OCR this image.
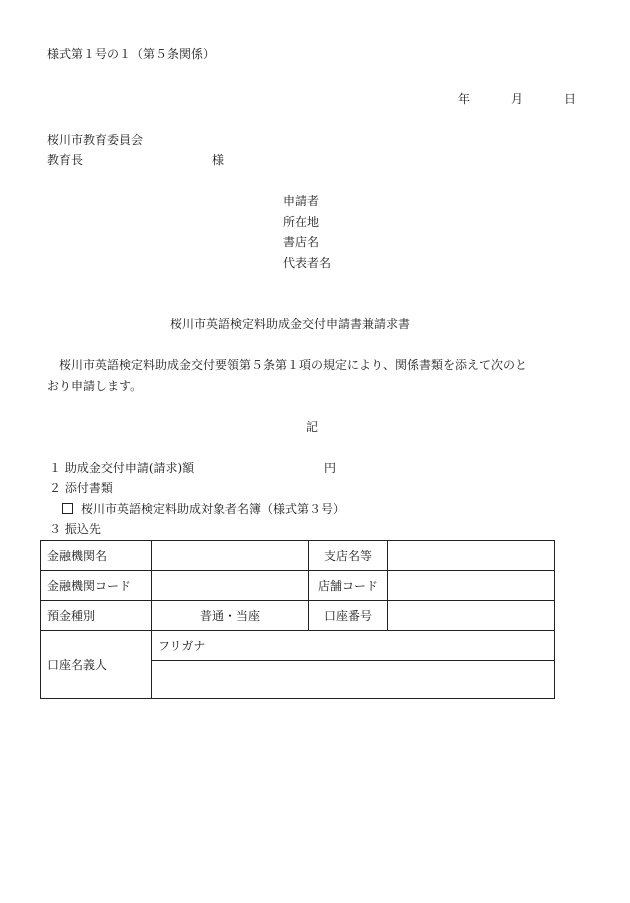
様式第１号の１（第５条関係）
年	月	日
桜川市教育委員会
教育長	様
申請者
所在地
書店名
代表者名
桜川市英語検定料助成金交付申請書兼請求書
桜川市英語検定料助成金交付要領第５条第１項の規定により、関係書類を添えて次のと
おり申請します。
記
１ 助成金交付申請(請求)額	円
２ 添付書類
桜川市英語検定料助成対象者名簿（様式第３号）
３ 振込先
金融機関名		支店名等	
金融機関コード		店舗コード	
預金種別	普通・当座	口座番号	
口座名義人	フリガナ		
